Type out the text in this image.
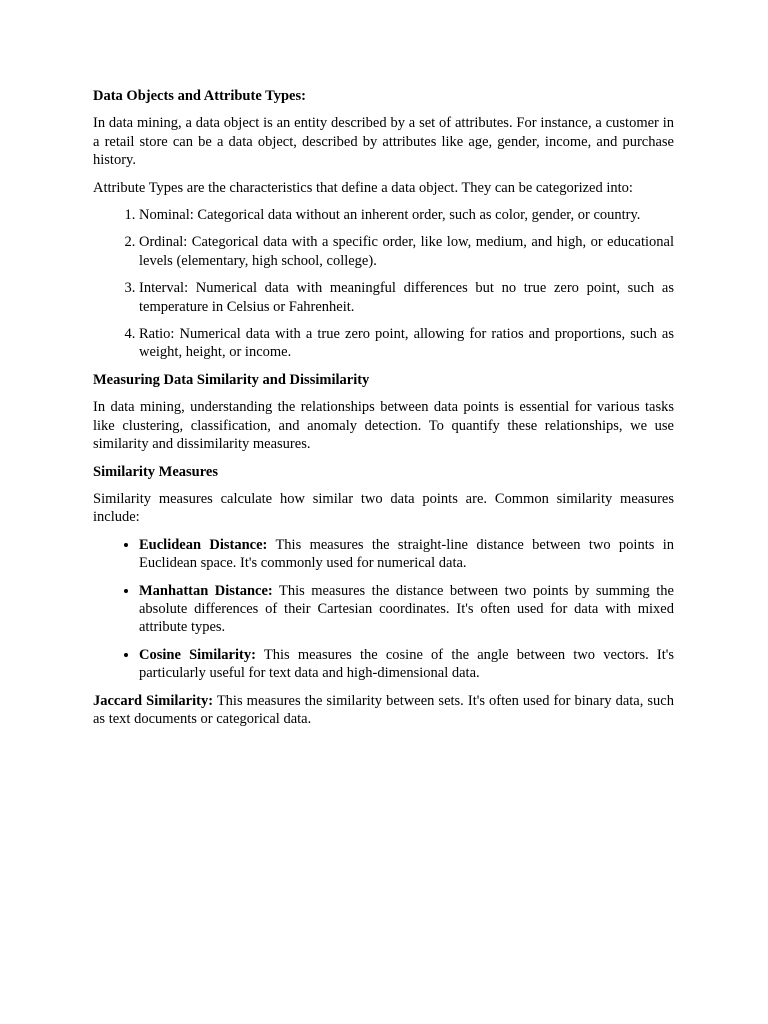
Data Objects and Attribute Types:

In data mining, a data object is an entity described by a set of attributes. For instance, a customer in a retail store can be a data object, described by attributes like age, gender, income, and purchase history.

Attribute Types are the characteristics that define a data object. They can be categorized into:

1. Nominal: Categorical data without an inherent order, such as color, gender, or country.
2. Ordinal: Categorical data with a specific order, like low, medium, and high, or educational levels (elementary, high school, college).
3. Interval: Numerical data with meaningful differences but no true zero point, such as temperature in Celsius or Fahrenheit.
4. Ratio: Numerical data with a true zero point, allowing for ratios and proportions, such as weight, height, or income.

Measuring Data Similarity and Dissimilarity

In data mining, understanding the relationships between data points is essential for various tasks like clustering, classification, and anomaly detection. To quantify these relationships, we use similarity and dissimilarity measures.

Similarity Measures

Similarity measures calculate how similar two data points are. Common similarity measures include:

• Euclidean Distance: This measures the straight-line distance between two points in Euclidean space. It's commonly used for numerical data.
• Manhattan Distance: This measures the distance between two points by summing the absolute differences of their Cartesian coordinates. It's often used for data with mixed attribute types.
• Cosine Similarity: This measures the cosine of the angle between two vectors. It's particularly useful for text data and high-dimensional data.

Jaccard Similarity: This measures the similarity between sets. It's often used for binary data, such as text documents or categorical data.
